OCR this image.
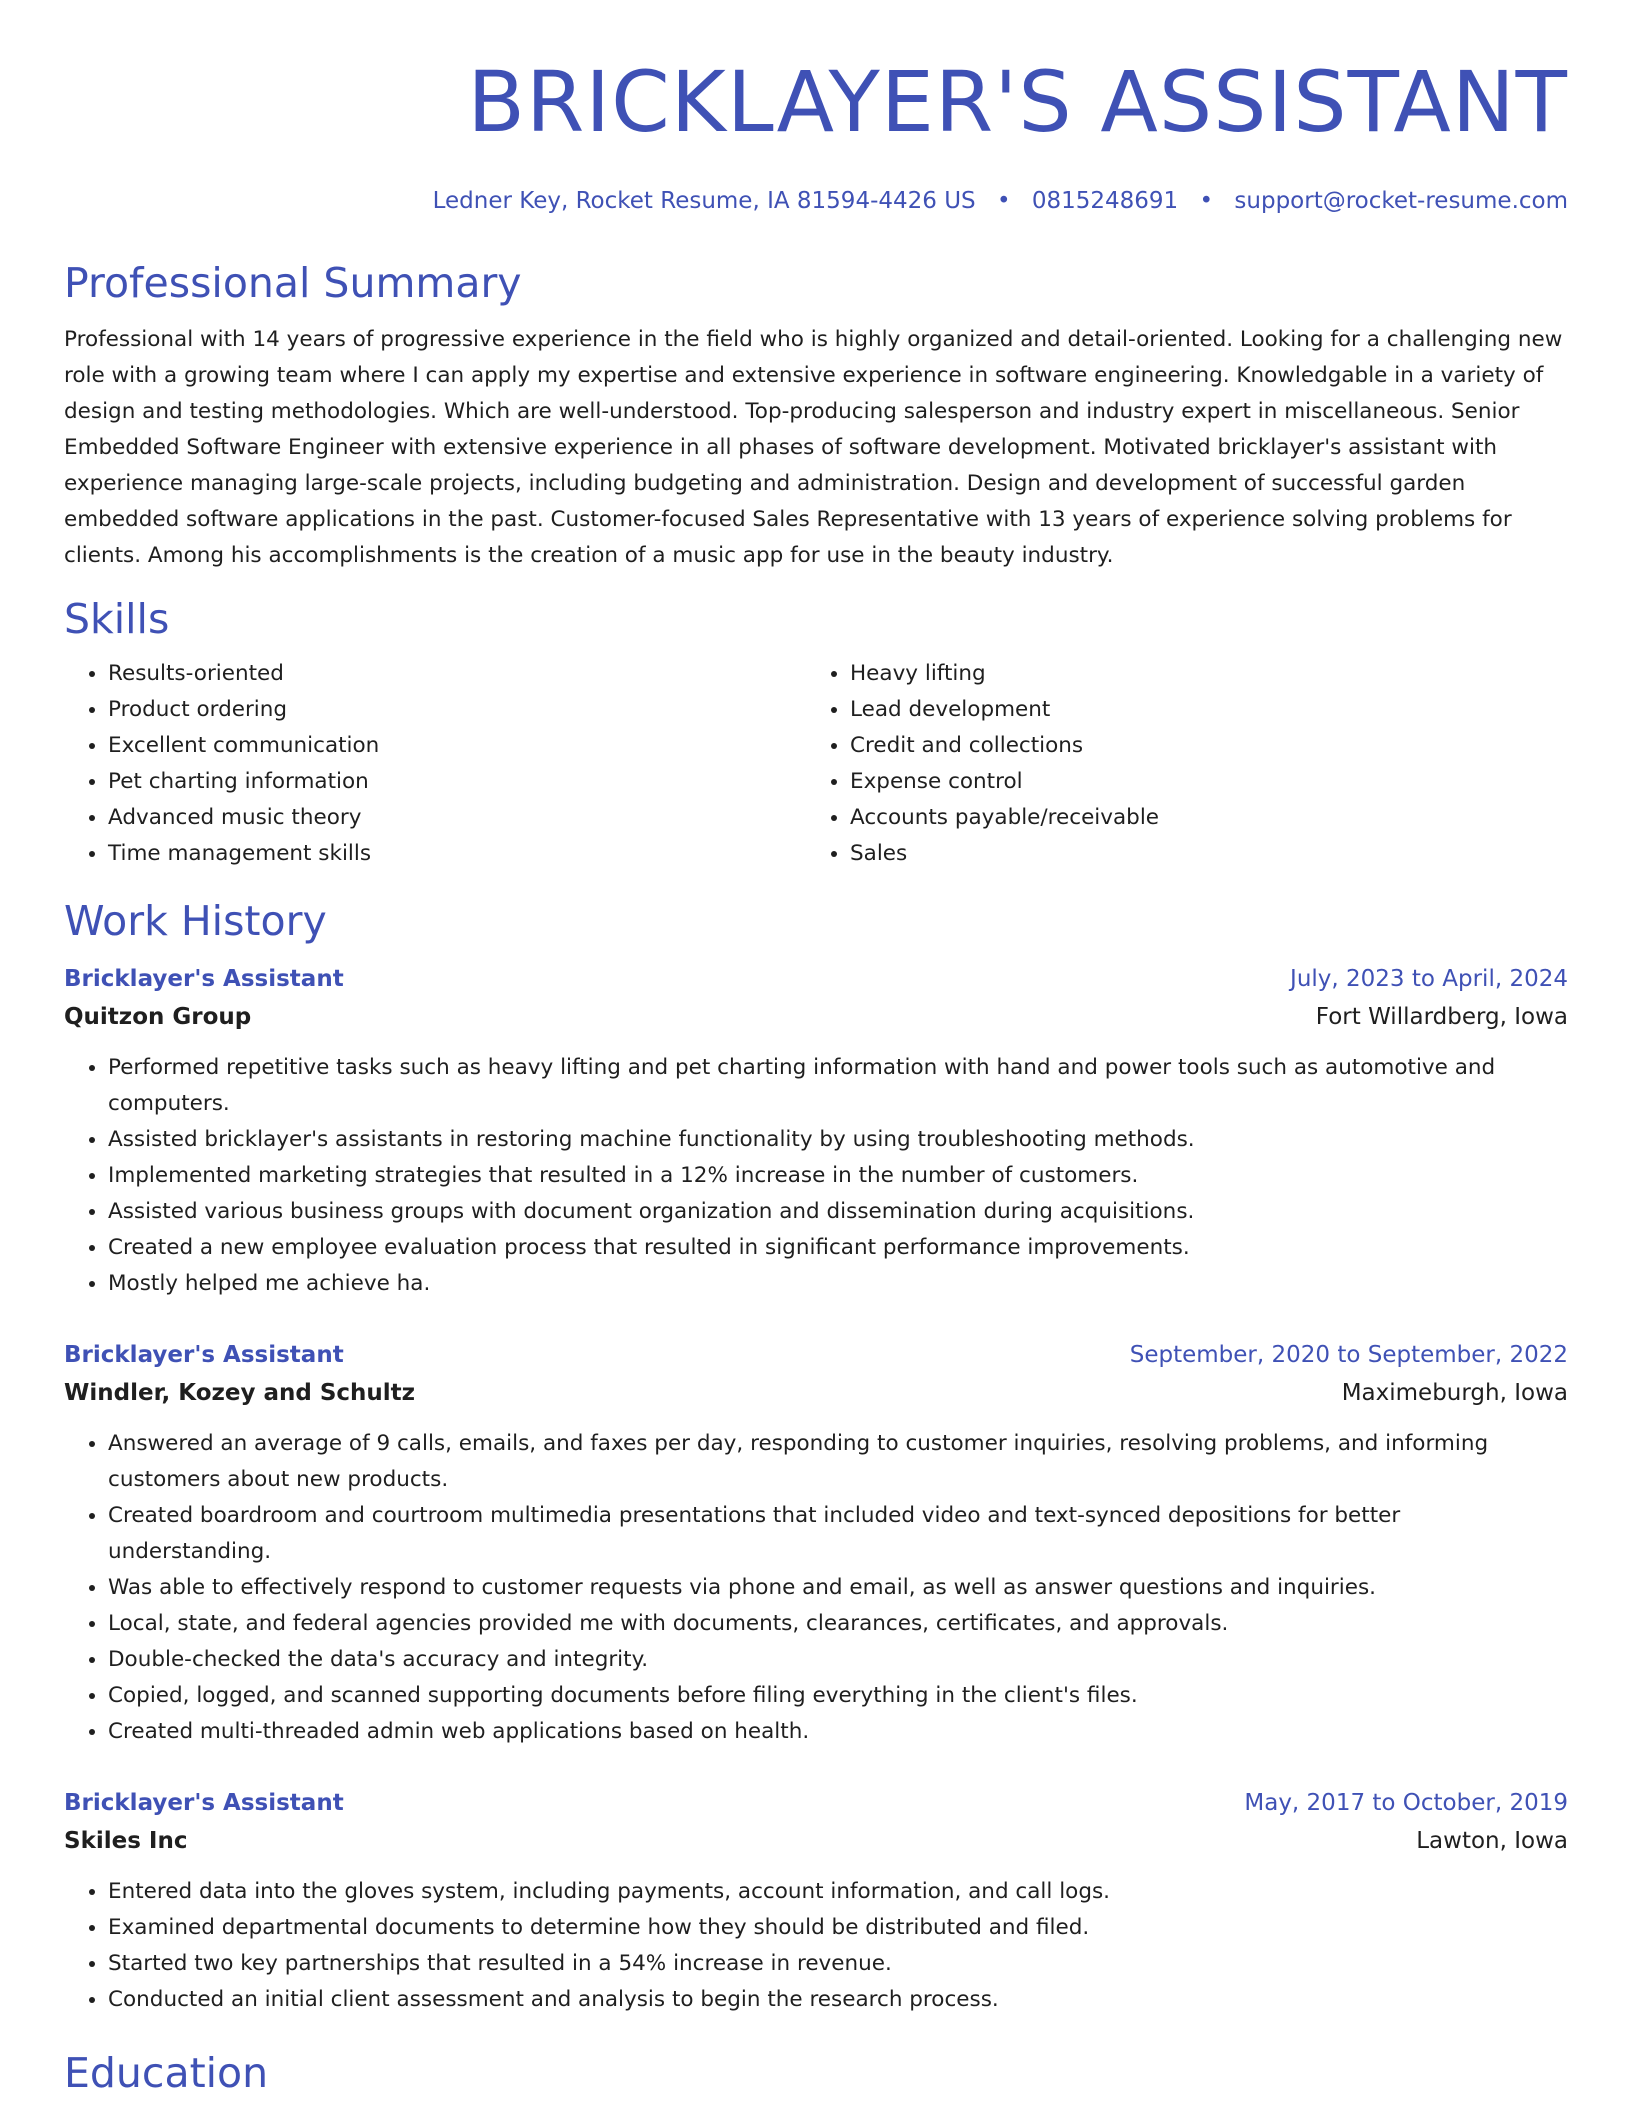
BRICKLAYER'S ASSISTANT
Ledner Key, Rocket Resume, IA 81594-4426 US • 0815248691 • support@rocket-resume.com
Professional Summary
Professional with 14 years of progressive experience in the field who is highly organized and detail-oriented. Looking for a challenging new role with a growing team where I can apply my expertise and extensive experience in software engineering. Knowledgable in a variety of design and testing methodologies. Which are well-understood. Top-producing salesperson and industry expert in miscellaneous. Senior Embedded Software Engineer with extensive experience in all phases of software development. Motivated bricklayer's assistant with experience managing large-scale projects, including budgeting and administration. Design and development of successful garden embedded software applications in the past. Customer-focused Sales Representative with 13 years of experience solving problems for clients. Among his accomplishments is the creation of a music app for use in the beauty industry.
Skills
• Results-oriented
• Product ordering
• Excellent communication
• Pet charting information
• Advanced music theory
• Time management skills
• Heavy lifting
• Lead development
• Credit and collections
• Expense control
• Accounts payable/receivable
• Sales
Work History
Bricklayer's Assistant	July, 2023 to April, 2024
Quitzon Group	Fort Willardberg, Iowa
• Performed repetitive tasks such as heavy lifting and pet charting information with hand and power tools such as automotive and computers.
• Assisted bricklayer's assistants in restoring machine functionality by using troubleshooting methods.
• Implemented marketing strategies that resulted in a 12% increase in the number of customers.
• Assisted various business groups with document organization and dissemination during acquisitions.
• Created a new employee evaluation process that resulted in significant performance improvements.
• Mostly helped me achieve ha.
Bricklayer's Assistant	September, 2020 to September, 2022
Windler, Kozey and Schultz	Maximeburgh, Iowa
• Answered an average of 9 calls, emails, and faxes per day, responding to customer inquiries, resolving problems, and informing customers about new products.
• Created boardroom and courtroom multimedia presentations that included video and text-synced depositions for better understanding.
• Was able to effectively respond to customer requests via phone and email, as well as answer questions and inquiries.
• Local, state, and federal agencies provided me with documents, clearances, certificates, and approvals.
• Double-checked the data's accuracy and integrity.
• Copied, logged, and scanned supporting documents before filing everything in the client's files.
• Created multi-threaded admin web applications based on health.
Bricklayer's Assistant	May, 2017 to October, 2019
Skiles Inc	Lawton, Iowa
• Entered data into the gloves system, including payments, account information, and call logs.
• Examined departmental documents to determine how they should be distributed and filed.
• Started two key partnerships that resulted in a 54% increase in revenue.
• Conducted an initial client assessment and analysis to begin the research process.
Education
